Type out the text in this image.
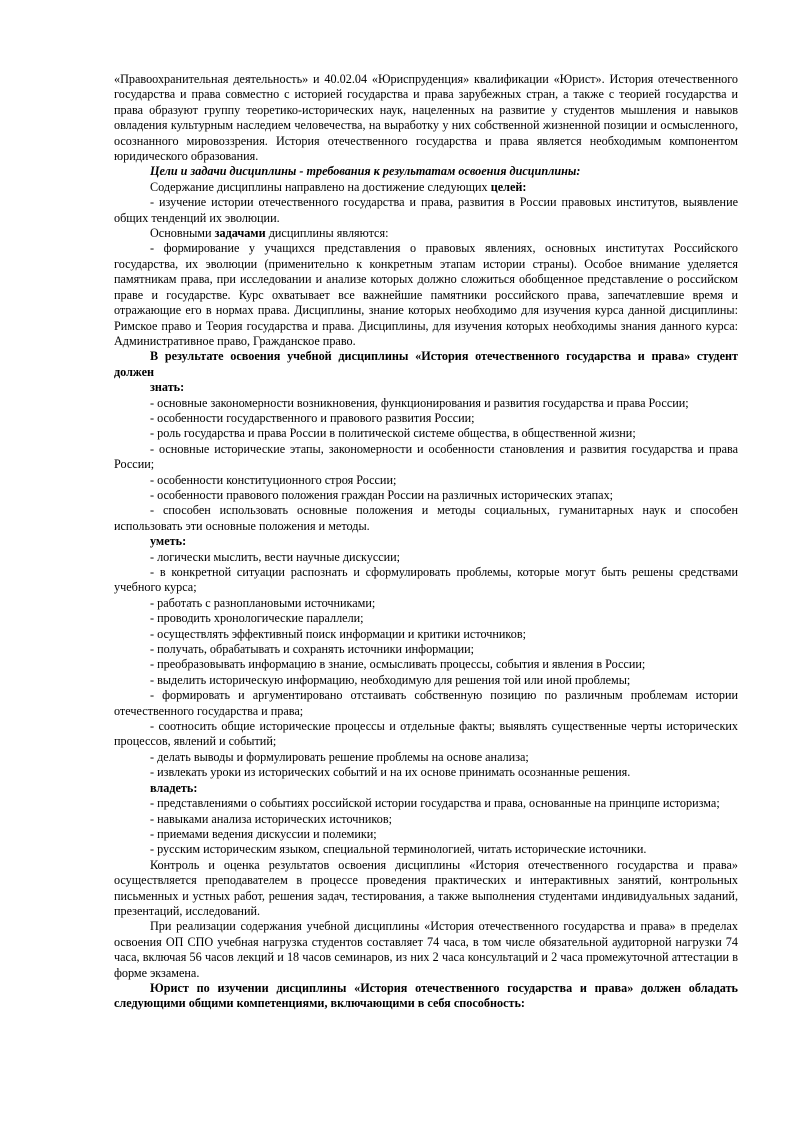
«Правоохранительная деятельность» и 40.02.04 «Юриспруденция» квалификации «Юрист». История отечественного государства и права совместно с историей государства и права зарубежных стран, а также с теорией государства и права образуют группу теоретико-исторических наук, нацеленных на развитие у студентов мышления и навыков овладения культурным наследием человечества, на выработку у них собственной жизненной позиции и осмысленного, осознанного мировоззрения. История отечественного государства и права является необходимым компонентом юридического образования.

Цели и задачи дисциплины - требования к результатам освоения дисциплины:

Содержание дисциплины направлено на достижение следующих целей:

- изучение истории отечественного государства и права, развития в России правовых институтов, выявление общих тенденций их эволюции.

Основными задачами дисциплины являются:

- формирование у учащихся представления о правовых явлениях, основных институтах Российского государства, их эволюции (применительно к конкретным этапам истории страны). Особое внимание уделяется памятникам права, при исследовании и анализе которых должно сложиться обобщенное представление о российском праве и государстве. Курс охватывает все важнейшие памятники российского права, запечатлевшие время и отражающие его в нормах права. Дисциплины, знание которых необходимо для изучения курса данной дисциплины: Римское право и Теория государства и права. Дисциплины, для изучения которых необходимы знания данного курса: Административное право, Гражданское право.

В результате освоения учебной дисциплины «История отечественного государства и права» студент должен

знать:

- основные закономерности возникновения, функционирования и развития государства и права России;

- особенности государственного и правового развития России;

- роль государства и права России в политической системе общества, в общественной жизни;

- основные исторические этапы, закономерности и особенности становления и развития государства и права России;

- особенности конституционного строя России;

- особенности правового положения граждан России на различных исторических этапах;

- способен использовать основные положения и методы социальных, гуманитарных наук и способен использовать эти основные положения и методы.

уметь:

- логически мыслить, вести научные дискуссии;

- в конкретной ситуации распознать и сформулировать проблемы, которые могут быть решены средствами учебного курса;

- работать с разноплановыми источниками;

- проводить хронологические параллели;

- осуществлять эффективный поиск информации и критики источников;

- получать, обрабатывать и сохранять источники информации;

- преобразовывать информацию в знание, осмысливать процессы, события и явления в России;

- выделить историческую информацию, необходимую для решения той или иной проблемы;

- формировать и аргументировано отстаивать собственную позицию по различным проблемам истории отечественного государства и права;

- соотносить общие исторические процессы и отдельные факты; выявлять существенные черты исторических процессов, явлений и событий;

- делать выводы и формулировать решение проблемы на основе анализа;

- извлекать уроки из исторических событий и на их основе принимать осознанные решения.

владеть:

- представлениями о событиях российской истории государства и права, основанные на принципе историзма;

- навыками анализа исторических источников;

- приемами ведения дискуссии и полемики;

- русским историческим языком, специальной терминологией, читать исторические источники.

Контроль и оценка результатов освоения дисциплины «История отечественного государства и права» осуществляется преподавателем в процессе проведения практических и интерактивных занятий, контрольных письменных и устных работ, решения задач, тестирования, а также выполнения студентами индивидуальных заданий, презентаций, исследований.

При реализации содержания учебной дисциплины «История отечественного государства и права» в пределах освоения ОП СПО учебная нагрузка студентов составляет 74 часа, в том числе обязательной аудиторной нагрузки 74 часа, включая 56 часов лекций и 18 часов семинаров, из них 2 часа консультаций и 2 часа промежуточной аттестации в форме экзамена.

Юрист по изучении дисциплины «История отечественного государства и права» должен обладать следующими общими компетенциями, включающими в себя способность:
